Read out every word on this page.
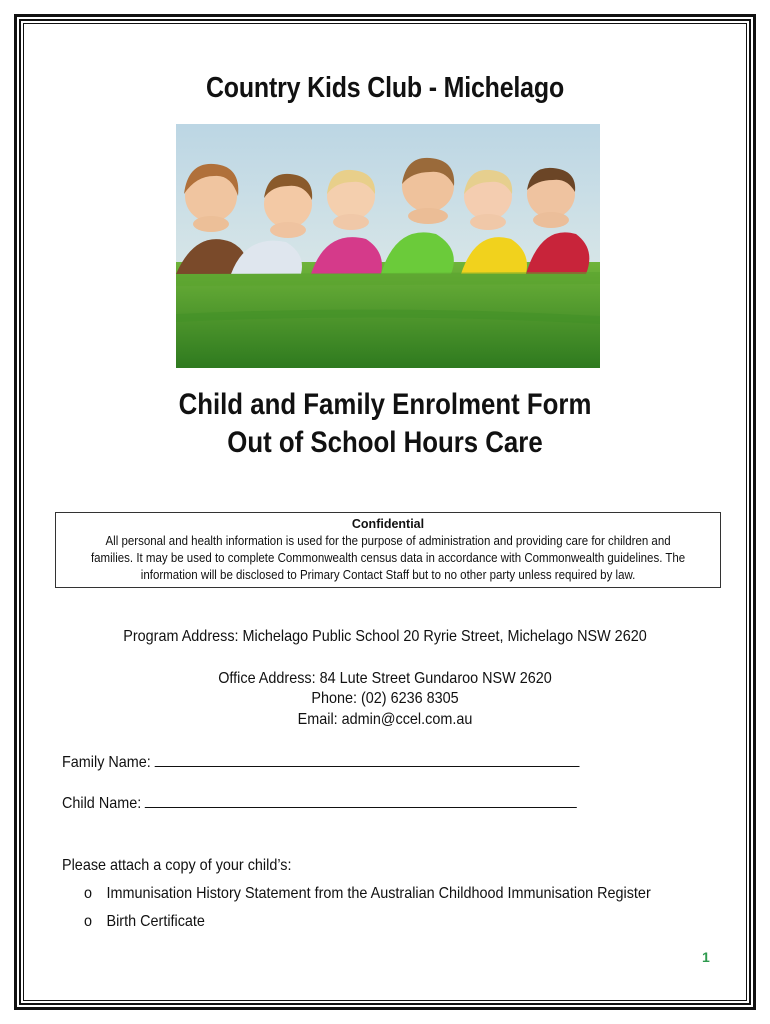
Country Kids Club - Michelago
Child and Family Enrolment Form
Out of School Hours Care
Confidential
All personal and health information is used for the purpose of administration and providing care for children and
families. It may be used to complete Commonwealth census data in accordance with Commonwealth guidelines. The
information will be disclosed to Primary Contact Staff but to no other party unless required by law.
Program Address: Michelago Public School 20 Ryrie Street, Michelago NSW 2620
Office Address: 84 Lute Street Gundaroo NSW 2620
Phone: (02) 6236 8305
Email: admin@ccel.com.au
Family Name:
Child Name:
Please attach a copy of your child’s:
o Immunisation History Statement from the Australian Childhood Immunisation Register
o Birth Certificate
1
